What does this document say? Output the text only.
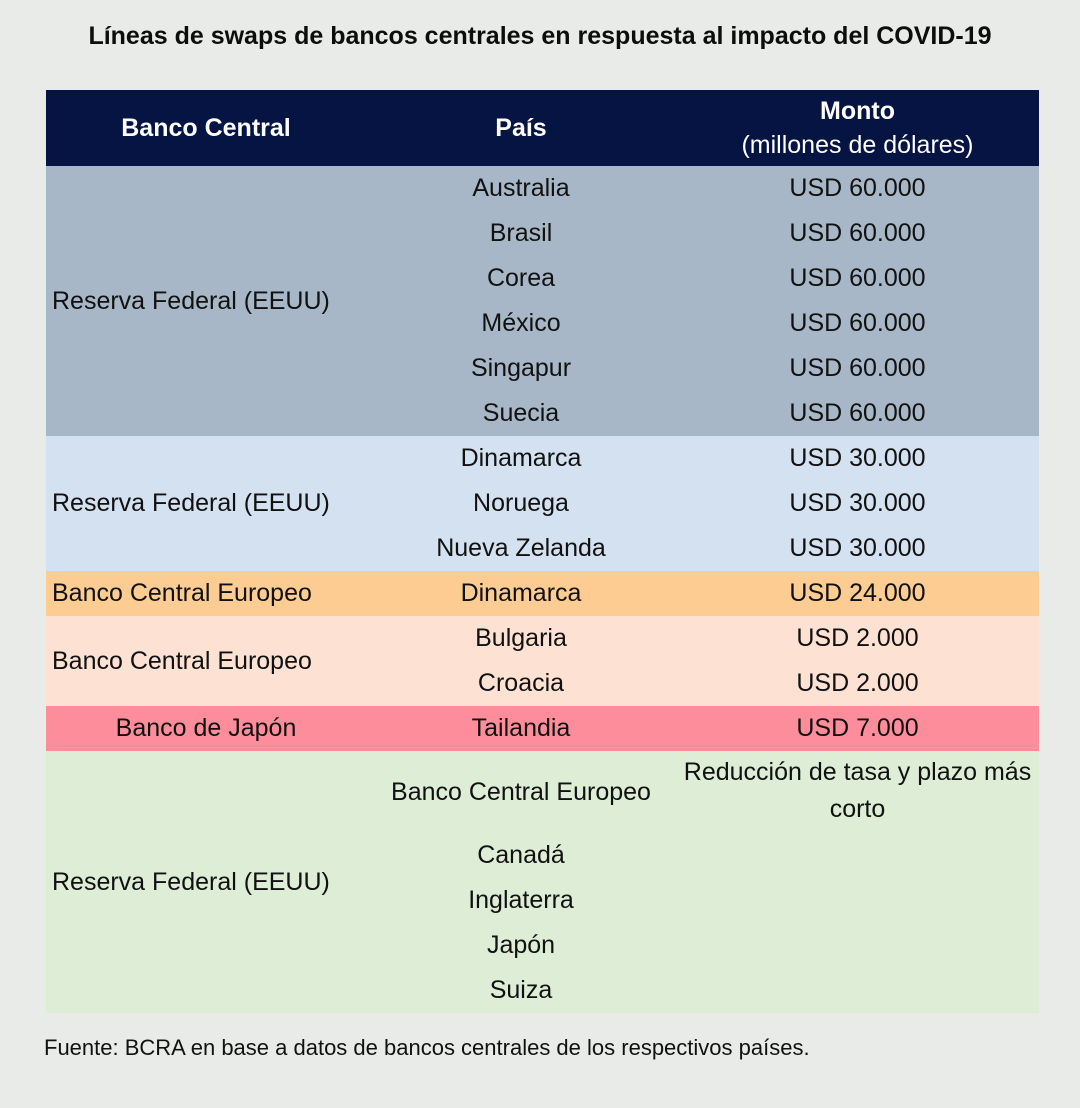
Líneas de swaps de bancos centrales en respuesta al impacto del COVID-19
Banco Central	País	Monto
(millones de dólares)

Reserva Federal (EEUU)	Australia	USD 60.000
	Brasil	USD 60.000
	Corea	USD 60.000
	México	USD 60.000
	Singapur	USD 60.000
	Suecia	USD 60.000
Reserva Federal (EEUU)	Dinamarca	USD 30.000
	Noruega	USD 30.000
	Nueva Zelanda	USD 30.000
Banco Central Europeo	Dinamarca	USD 24.000
Banco Central Europeo	Bulgaria	USD 2.000
	Croacia	USD 2.000
Banco de Japón	Tailandia	USD 7.000
Reserva Federal (EEUU)	Banco Central Europeo	Reducción de tasa y plazo más corto
	Canadá	
	Inglaterra	
	Japón	
	Suiza	
Fuente: BCRA en base a datos de bancos centrales de los respectivos países.
